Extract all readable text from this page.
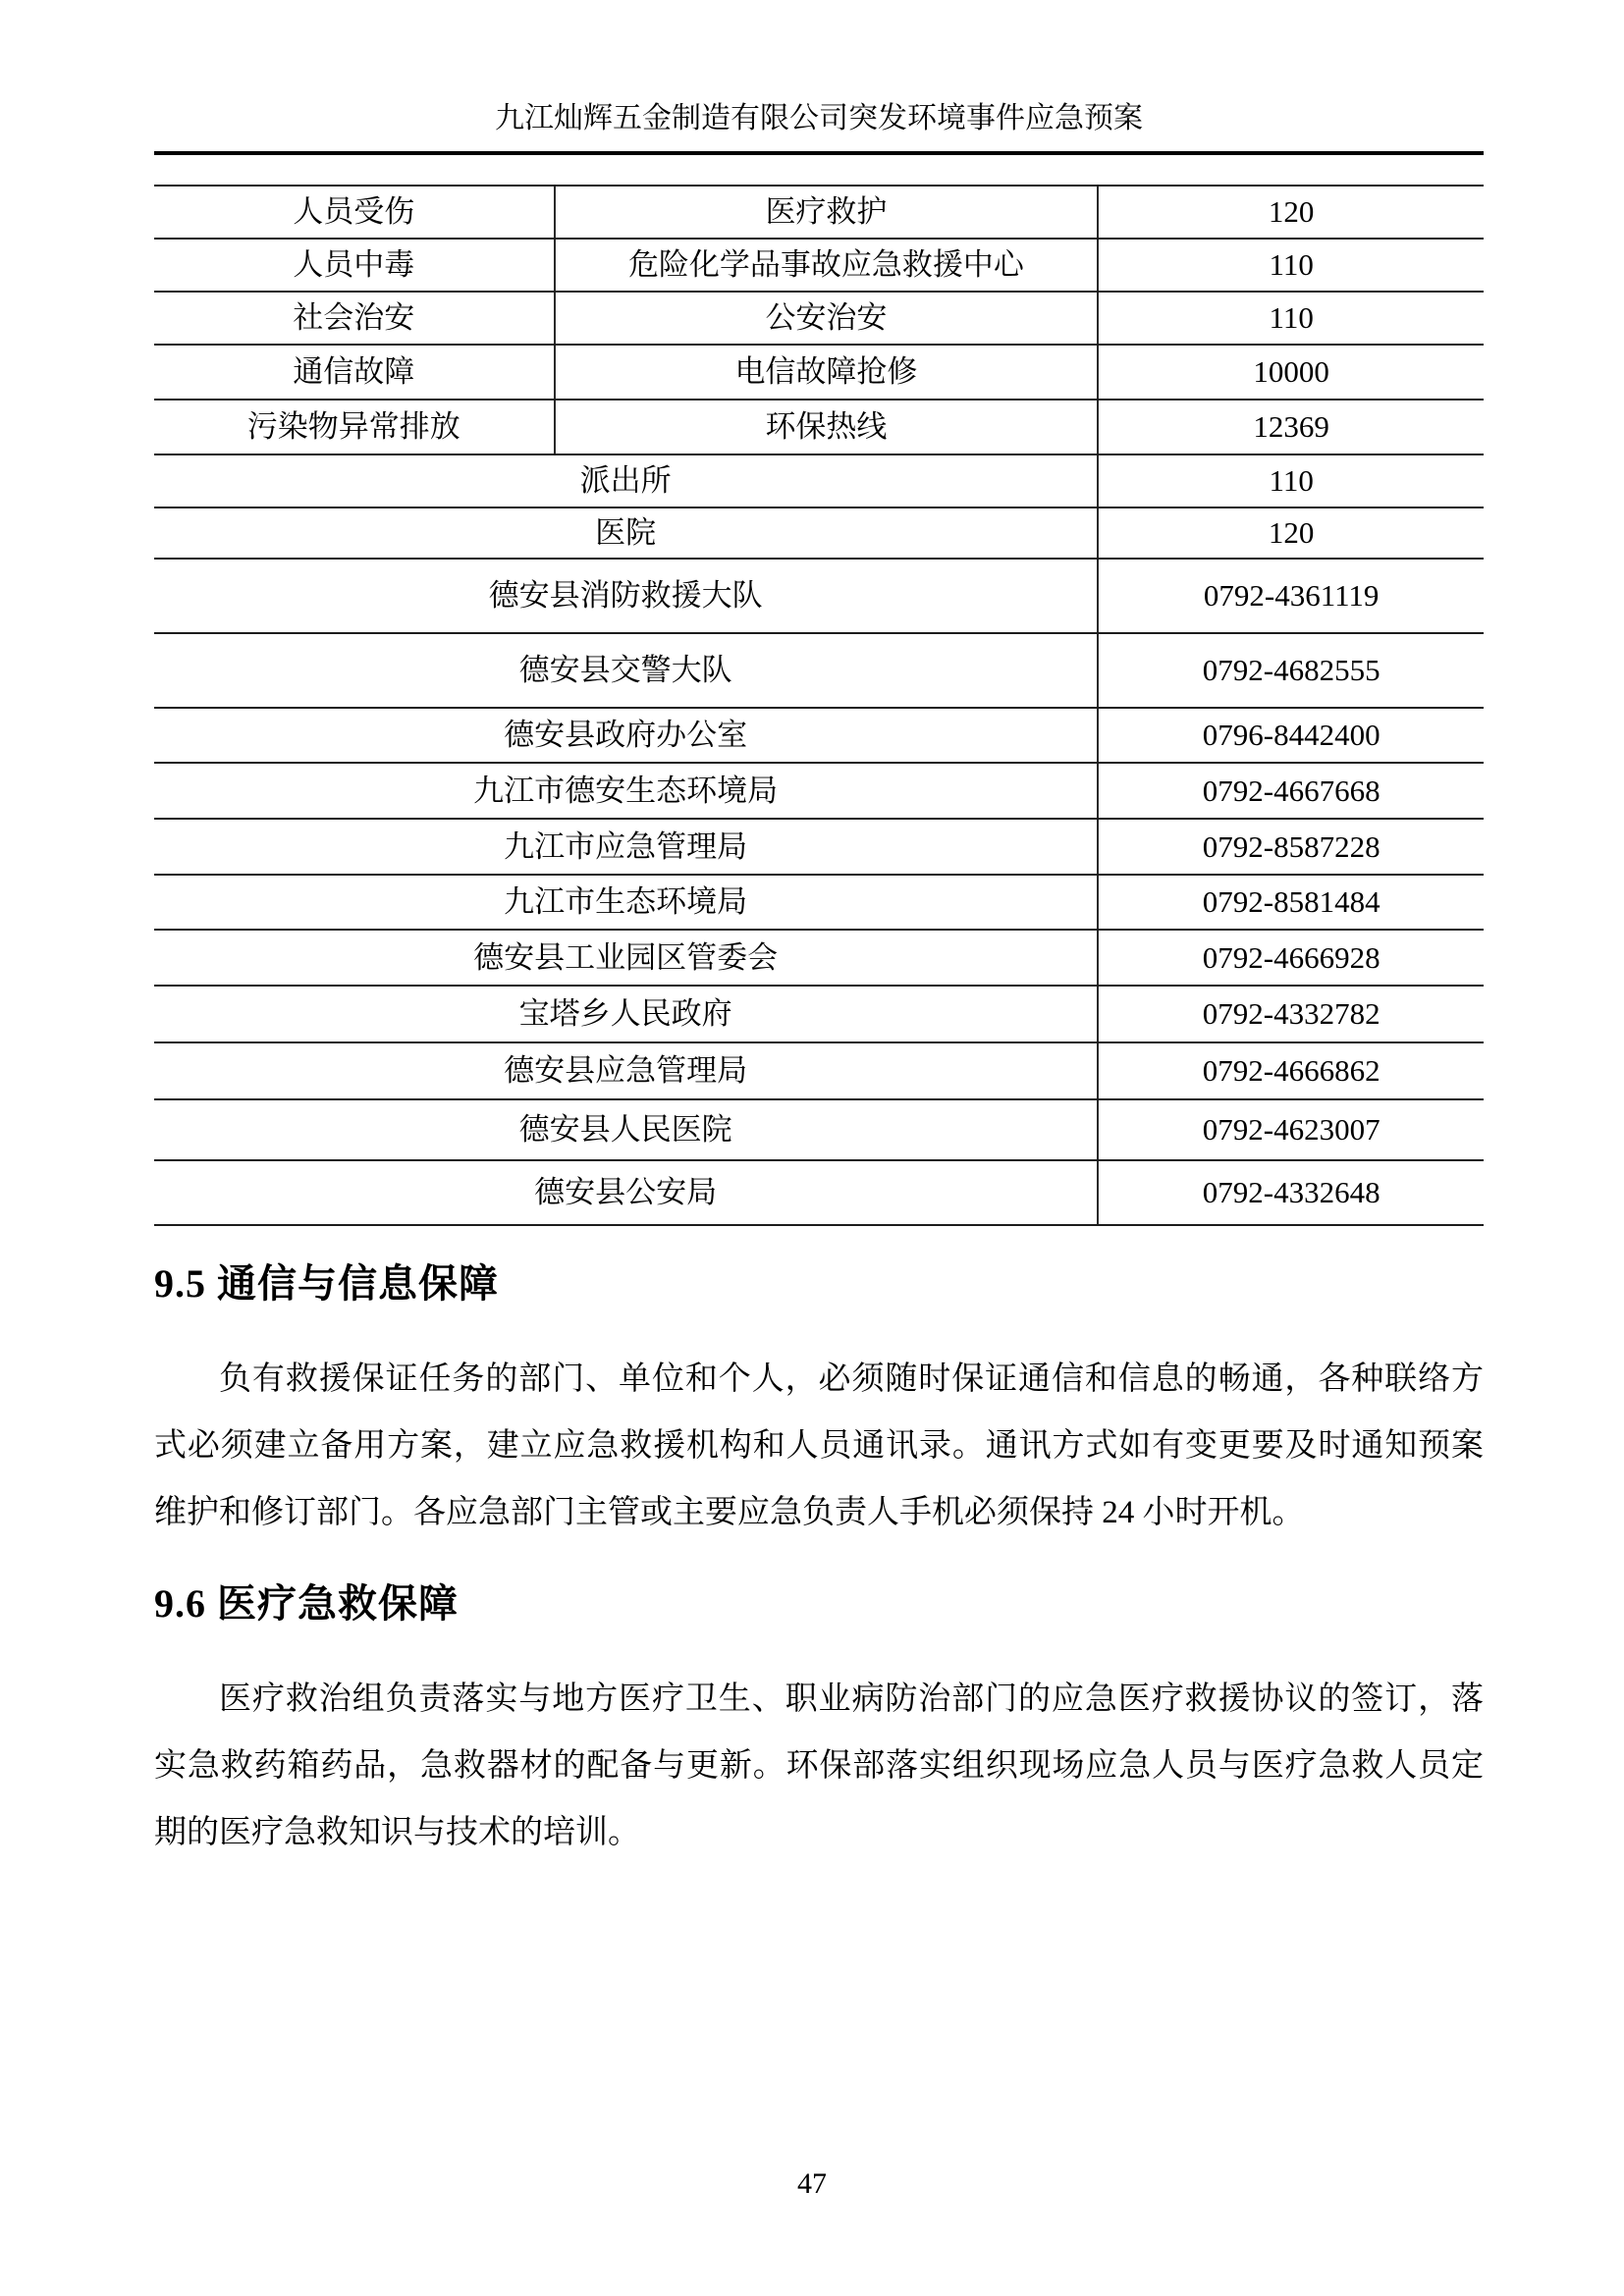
九江灿辉五金制造有限公司突发环境事件应急预案
人员受伤	医疗救护	120
人员中毒	危险化学品事故应急救援中心	110
社会治安	公安治安	110
通信故障	电信故障抢修	10000
污染物异常排放	环保热线	12369
派出所		110
医院		120
德安县消防救援大队		0792-4361119
德安县交警大队		0792-4682555
德安县政府办公室		0796-8442400
九江市德安生态环境局		0792-4667668
九江市应急管理局		0792-8587228
九江市生态环境局		0792-8581484
德安县工业园区管委会		0792-4666928
宝塔乡人民政府		0792-4332782
德安县应急管理局		0792-4666862
德安县人民医院		0792-4623007
德安县公安局		0792-4332648
9.5 通信与信息保障
负有救援保证任务的部门、单位和个人，必须随时保证通信和信息的畅通，各种联络方
式必须建立备用方案，建立应急救援机构和人员通讯录。通讯方式如有变更要及时通知预案
维护和修订部门。各应急部门主管或主要应急负责人手机必须保持 24 小时开机。
9.6 医疗急救保障
医疗救治组负责落实与地方医疗卫生、职业病防治部门的应急医疗救援协议的签订，落
实急救药箱药品，急救器材的配备与更新。环保部落实组织现场应急人员与医疗急救人员定
期的医疗急救知识与技术的培训。
47
